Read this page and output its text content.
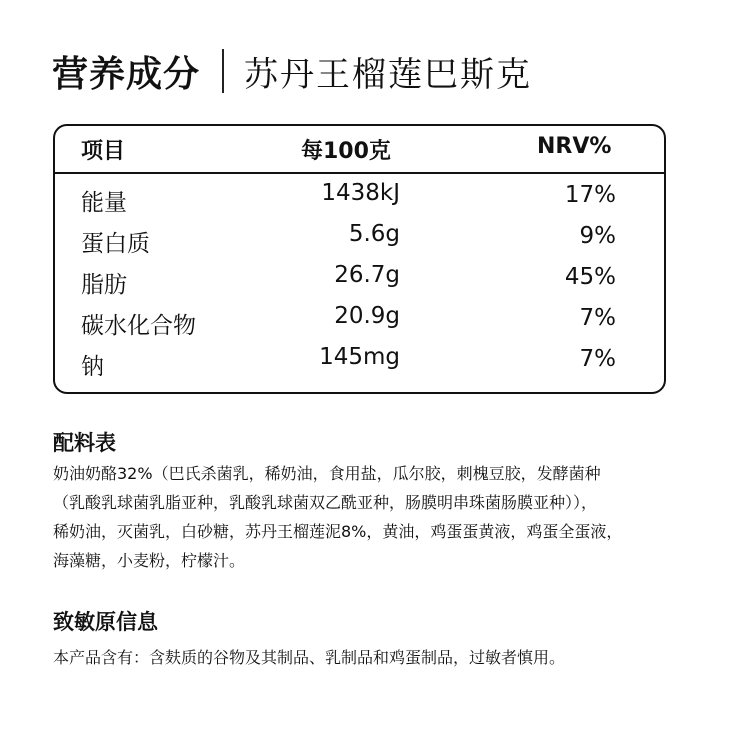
营养成分 苏丹王榴莲巴斯克
项目	每100克	NRV%
能量	1438kJ	17%
蛋白质	5.6g	9%
脂肪	26.7g	45%
碳水化合物	20.9g	7%
钠	145mg	7%
配料表
奶油奶酪32%（巴氏杀菌乳，稀奶油，食用盐，瓜尔胶，刺槐豆胶，发酵菌种
（乳酸乳球菌乳脂亚种，乳酸乳球菌双乙酰亚种，肠膜明串珠菌肠膜亚种）），
稀奶油，灭菌乳，白砂糖，苏丹王榴莲泥8%，黄油，鸡蛋蛋黄液，鸡蛋全蛋液，
海藻糖，小麦粉，柠檬汁。
致敏原信息
本产品含有：含麸质的谷物及其制品、乳制品和鸡蛋制品，过敏者慎用。
